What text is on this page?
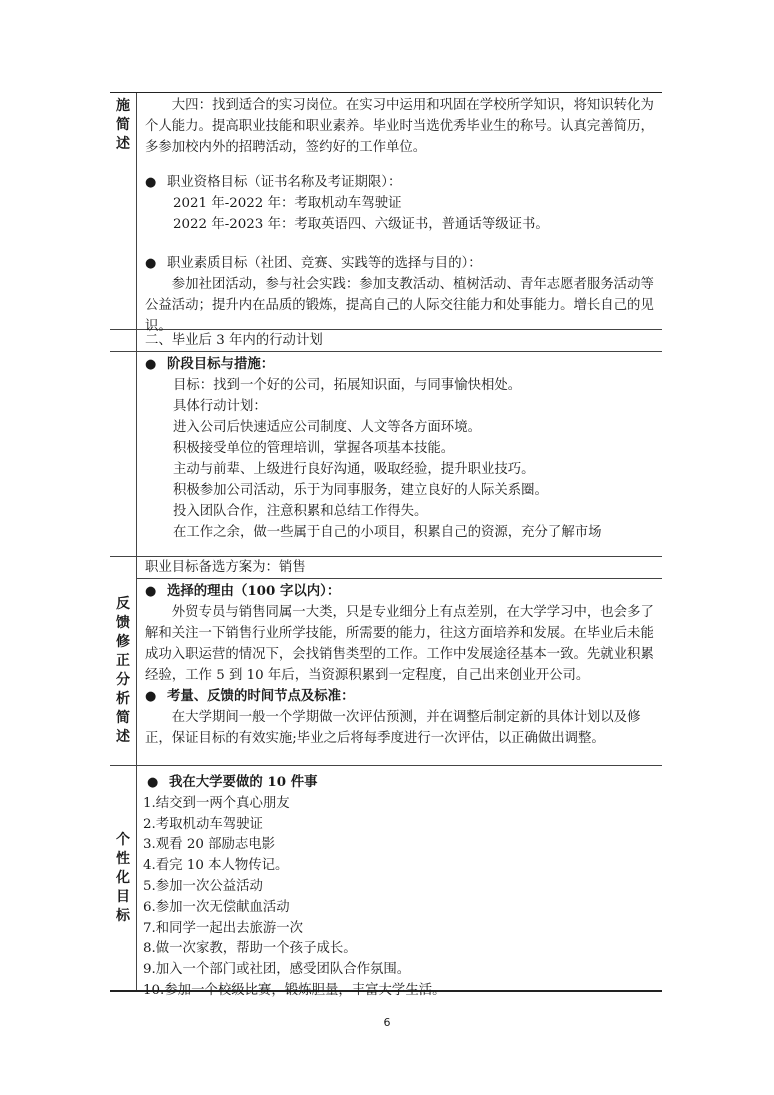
施
简
述
大四：找到适合的实习岗位。在实习中运用和巩固在学校所学知识，将知识转化为个人能力。提高职业技能和职业素养。毕业时当选优秀毕业生的称号。认真完善简历，多参加校内外的招聘活动，签约好的工作单位。
● 职业资格目标（证书名称及考证期限）：
2021 年-2022 年：考取机动车驾驶证
2022 年-2023 年：考取英语四、六级证书，普通话等级证书。
● 职业素质目标（社团、竞赛、实践等的选择与目的）：
参加社团活动，参与社会实践：参加支教活动、植树活动、青年志愿者服务活动等公益活动；提升内在品质的锻炼，提高自己的人际交往能力和处事能力。增长自己的见识。
二、毕业后 3 年内的行动计划
● 阶段目标与措施：
目标：找到一个好的公司，拓展知识面，与同事愉快相处。
具体行动计划：
进入公司后快速适应公司制度、人文等各方面环境。
积极接受单位的管理培训，掌握各项基本技能。
主动与前辈、上级进行良好沟通，吸取经验，提升职业技巧。
积极参加公司活动，乐于为同事服务，建立良好的人际关系圈。
投入团队合作，注意积累和总结工作得失。
在工作之余，做一些属于自己的小项目，积累自己的资源，充分了解市场
反
馈
修
正
分
析
简
述
职业目标备选方案为：销售
● 选择的理由（100 字以内）：
外贸专员与销售同属一大类，只是专业细分上有点差别，在大学学习中，也会多了解和关注一下销售行业所学技能，所需要的能力，往这方面培养和发展。在毕业后未能成功入职运营的情况下，会找销售类型的工作。工作中发展途径基本一致。先就业积累经验，工作 5 到 10 年后，当资源积累到一定程度，自己出来创业开公司。
● 考量、反馈的时间节点及标准：
在大学期间一般一个学期做一次评估预测，并在调整后制定新的具体计划以及修正，保证目标的有效实施;毕业之后将每季度进行一次评估，以正确做出调整。
个
性
化
目
标
● 我在大学要做的 10 件事
1.结交到一两个真心朋友
2.考取机动车驾驶证
3.观看 20 部励志电影
4.看完 10 本人物传记。
5.参加一次公益活动
6.参加一次无偿献血活动
7.和同学一起出去旅游一次
8.做一次家教，帮助一个孩子成长。
9.加入一个部门或社团，感受团队合作氛围。
10.参加一个校级比赛，锻炼胆量，丰富大学生活。
6
